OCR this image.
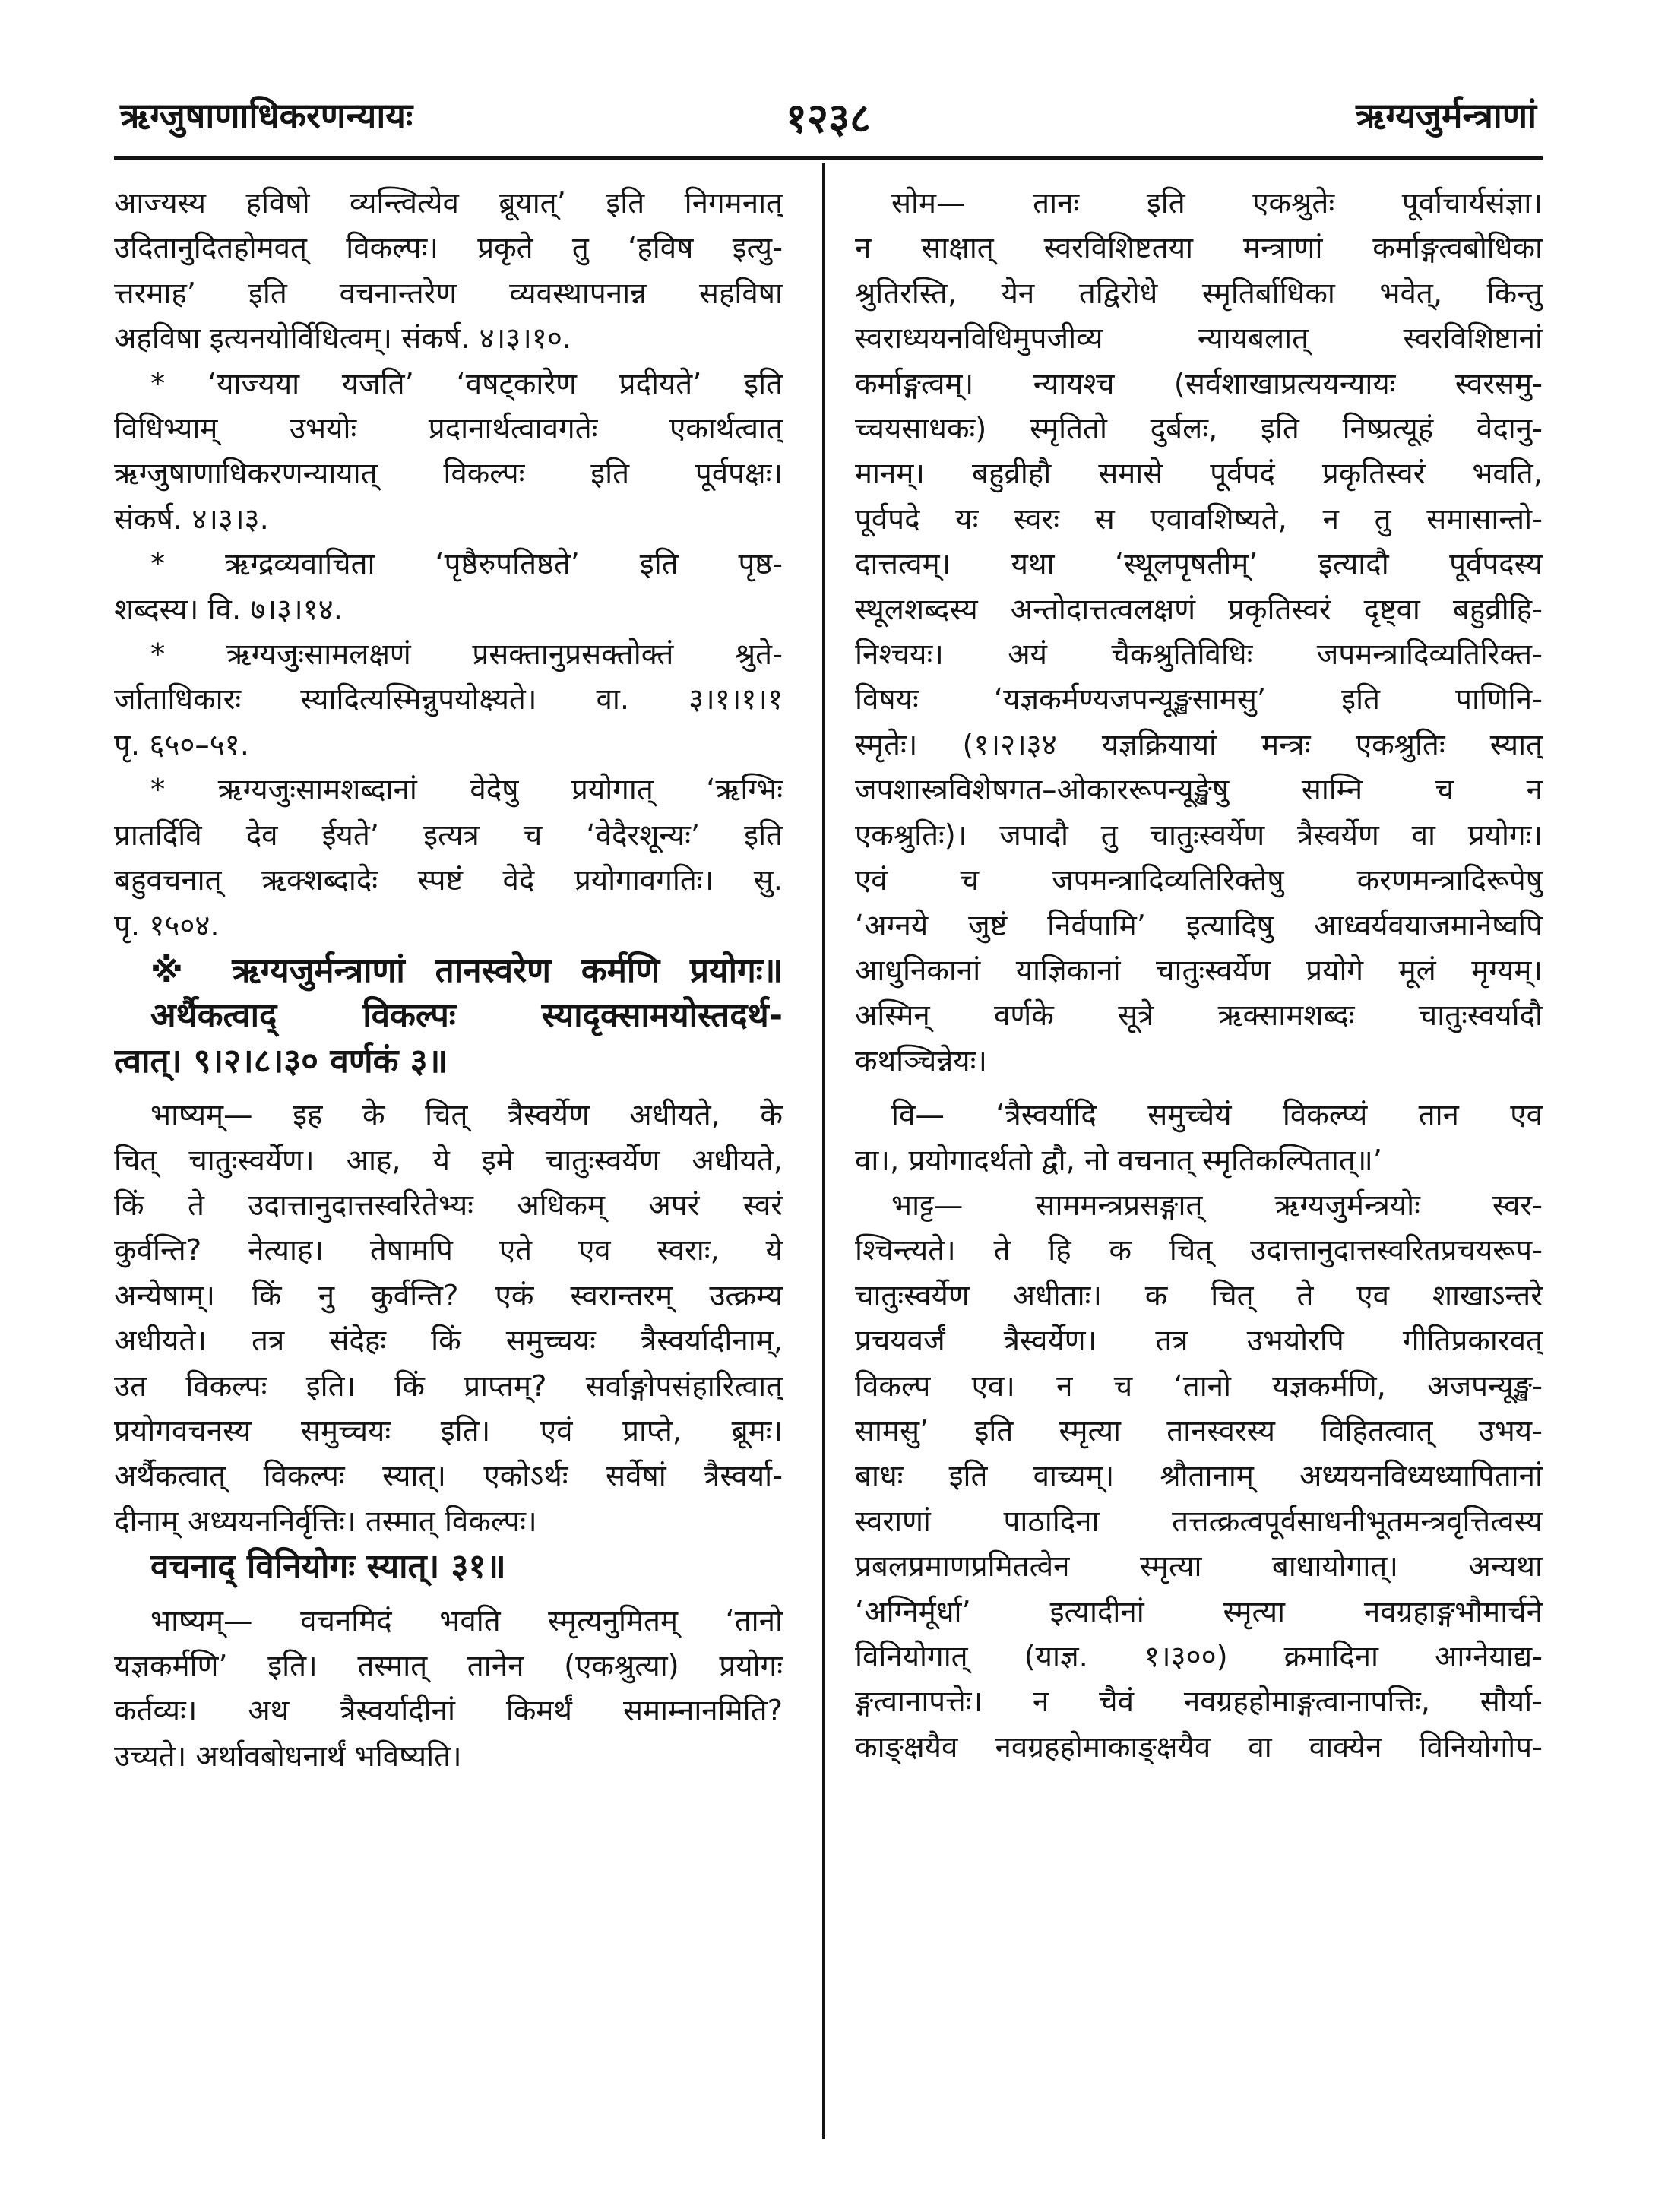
ऋग्जुषाणाधिकरणन्यायः	१२३८	ऋग्यजुर्मन्त्राणां
आज्यस्य हविषो व्यन्त्वित्येव ब्रूयात्’ इति निगमनात्
उदितानुदितहोमवत् विकल्पः। प्रकृते तु ‘हविष इत्यु-
त्तरमाह’ इति वचनान्तरेण व्यवस्थापनान्न सहविषा
अहविषा इत्यनयोर्विधित्वम्। संकर्ष. ४।३।१०.
* ‘याज्यया यजति’ ‘वषट्कारेण प्रदीयते’ इति
विधिभ्याम् उभयोः प्रदानार्थत्वावगतेः एकार्थत्वात्
ऋग्जुषाणाधिकरणन्यायात् विकल्पः इति पूर्वपक्षः।
संकर्ष. ४।३।३.
* ऋग्द्रव्यवाचिता ‘पृष्ठैरुपतिष्ठते’ इति पृष्ठ-
शब्दस्य। वि. ७।३।१४.
* ऋग्यजुःसामलक्षणं प्रसक्तानुप्रसक्तोक्तं श्रुते-
र्जाताधिकारः स्यादित्यस्मिन्नुपयोक्ष्यते। वा. ३।१।१।१
पृ. ६५०–५१.
* ऋग्यजुःसामशब्दानां वेदेषु प्रयोगात् ‘ऋग्भिः
प्रातर्दिवि देव ईयते’ इत्यत्र च ‘वेदैरशून्यः’ इति
बहुवचनात् ऋक्शब्दादेः स्पष्टं वेदे प्रयोगावगतिः। सु.
पृ. १५०४.
※ ऋग्यजुर्मन्त्राणां तानस्वरेण कर्मणि प्रयोगः॥
अर्थैकत्वाद् विकल्पः स्यादृक्सामयोस्तदर्थ-
त्वात्। ९।२।८।३० वर्णकं ३॥
भाष्यम्— इह के चित् त्रैस्वर्येण अधीयते, के
चित् चातुःस्वर्येण। आह, ये इमे चातुःस्वर्येण अधीयते,
किं ते उदात्तानुदात्तस्वरितेभ्यः अधिकम् अपरं स्वरं
कुर्वन्ति? नेत्याह। तेषामपि एते एव स्वराः, ये
अन्येषाम्। किं नु कुर्वन्ति? एकं स्वरान्तरम् उत्क्रम्य
अधीयते। तत्र संदेहः किं समुच्चयः त्रैस्वर्यादीनाम्,
उत विकल्पः इति। किं प्राप्तम्? सर्वाङ्गोपसंहारित्वात्
प्रयोगवचनस्य समुच्चयः इति। एवं प्राप्ते, ब्रूमः।
अर्थैकत्वात् विकल्पः स्यात्। एकोऽर्थः सर्वेषां त्रैस्वर्या-
दीनाम् अध्ययननिर्वृत्तिः। तस्मात् विकल्पः।
वचनाद् विनियोगः स्यात्। ३१॥
भाष्यम्— वचनमिदं भवति स्मृत्यनुमितम् ‘तानो
यज्ञकर्मणि’ इति। तस्मात् तानेन (एकश्रुत्या) प्रयोगः
कर्तव्यः। अथ त्रैस्वर्यादीनां किमर्थं समाम्नानमिति?
उच्यते। अर्थावबोधनार्थं भविष्यति।
सोम— तानः इति एकश्रुतेः पूर्वाचार्यसंज्ञा।
न साक्षात् स्वरविशिष्टतया मन्त्राणां कर्माङ्गत्वबोधिका
श्रुतिरस्ति, येन तद्विरोधे स्मृतिर्बाधिका भवेत्, किन्तु
स्वराध्ययनविधिमुपजीव्य न्यायबलात् स्वरविशिष्टानां
कर्माङ्गत्वम्। न्यायश्च (सर्वशाखाप्रत्ययन्यायः स्वरसमु-
च्चयसाधकः) स्मृतितो दुर्बलः, इति निष्प्रत्यूहं वेदानु-
मानम्। बहुव्रीहौ समासे पूर्वपदं प्रकृतिस्वरं भवति,
पूर्वपदे यः स्वरः स एवावशिष्यते, न तु समासान्तो-
दात्तत्वम्। यथा ‘स्थूलपृषतीम्’ इत्यादौ पूर्वपदस्य
स्थूलशब्दस्य अन्तोदात्तत्वलक्षणं प्रकृतिस्वरं दृष्ट्वा बहुव्रीहि-
निश्चयः। अयं चैकश्रुतिविधिः जपमन्त्रादिव्यतिरिक्त-
विषयः ‘यज्ञकर्मण्यजपन्यूङ्खसामसु’ इति पाणिनि-
स्मृतेः। (१।२।३४ यज्ञक्रियायां मन्त्रः एकश्रुतिः स्यात्
जपशास्त्रविशेषगत–ओकाररूपन्यूङ्खेषु साम्नि च न
एकश्रुतिः)। जपादौ तु चातुःस्वर्येण त्रैस्वर्येण वा प्रयोगः।
एवं च जपमन्त्रादिव्यतिरिक्तेषु करणमन्त्रादिरूपेषु
‘अग्नये जुष्टं निर्वपामि’ इत्यादिषु आध्वर्यवयाजमानेष्वपि
आधुनिकानां याज्ञिकानां चातुःस्वर्येण प्रयोगे मूलं मृग्यम्।
अस्मिन् वर्णके सूत्रे ऋक्सामशब्दः चातुःस्वर्यादौ
कथञ्चिन्नेयः।
वि— ‘त्रैस्वर्यादि समुच्चेयं विकल्प्यं तान एव
वा।, प्रयोगादर्थतो द्वौ, नो वचनात् स्मृतिकल्पितात्॥’
भाट्ट— साममन्त्रप्रसङ्गात् ऋग्यजुर्मन्त्रयोः स्वर-
श्चिन्त्यते। ते हि क चित् उदात्तानुदात्तस्वरितप्रचयरूप-
चातुःस्वर्येण अधीताः। क चित् ते एव शाखाऽन्तरे
प्रचयवर्जं त्रैस्वर्येण। तत्र उभयोरपि गीतिप्रकारवत्
विकल्प एव। न च ‘तानो यज्ञकर्मणि, अजपन्यूङ्ख-
सामसु’ इति स्मृत्या तानस्वरस्य विहितत्वात् उभय-
बाधः इति वाच्यम्। श्रौतानाम् अध्ययनविध्यध्यापितानां
स्वराणां पाठादिना तत्तत्क्रत्वपूर्वसाधनीभूतमन्त्रवृत्तित्वस्य
प्रबलप्रमाणप्रमितत्वेन स्मृत्या बाधायोगात्। अन्यथा
‘अग्निर्मूर्धा’ इत्यादीनां स्मृत्या नवग्रहाङ्गभौमार्चने
विनियोगात् (याज्ञ. १।३००) क्रमादिना आग्नेयाद्य-
ङ्गत्वानापत्तेः। न चैवं नवग्रहहोमाङ्गत्वानापत्तिः, सौर्या-
काङ्क्षयैव नवग्रहहोमाकाङ्क्षयैव वा वाक्येन विनियोगोप-
